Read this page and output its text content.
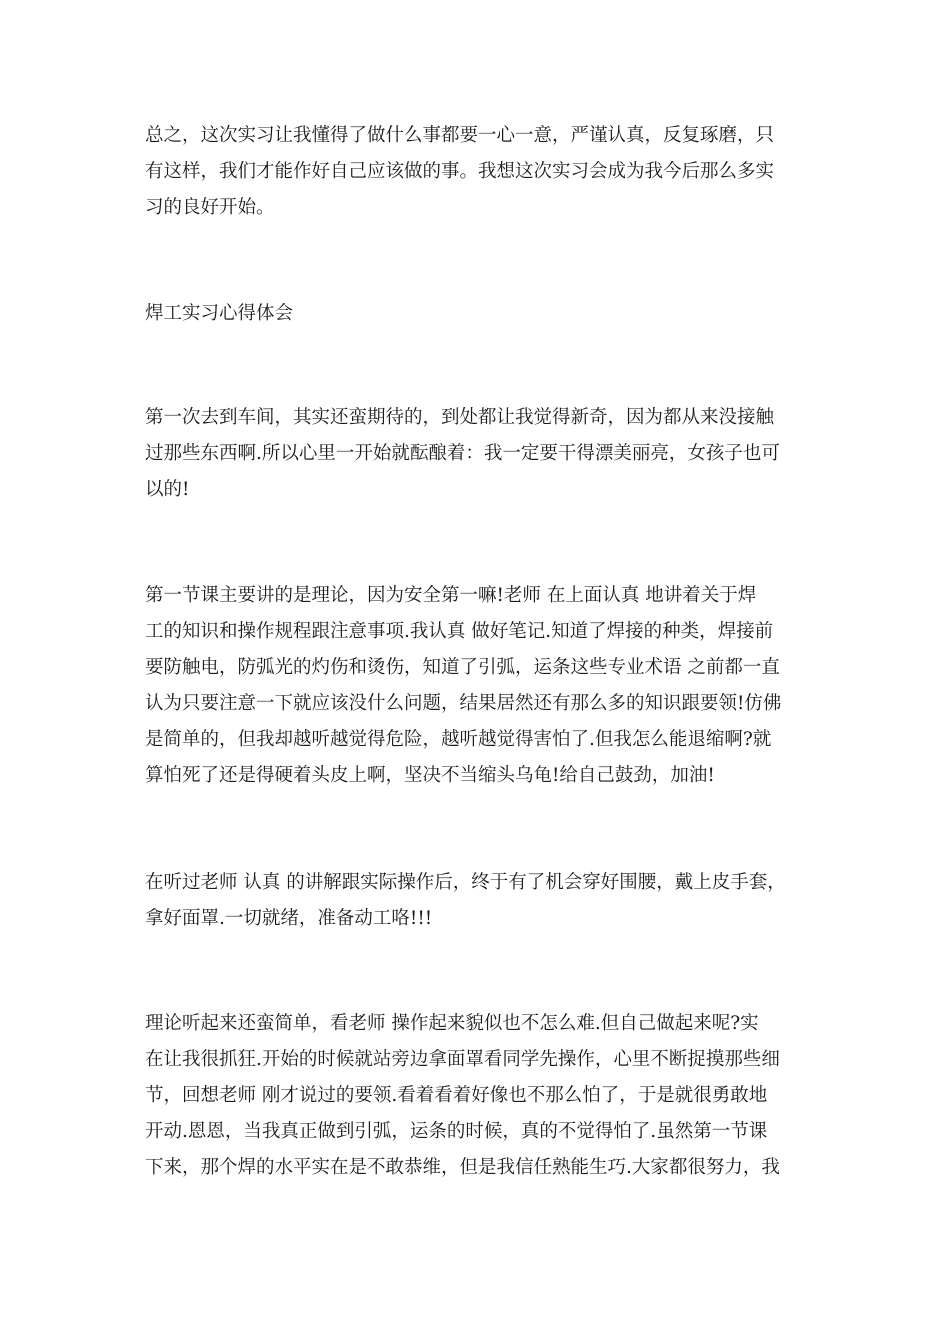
总之，这次实习让我懂得了做什么事都要一心一意，严谨认真，反复琢磨，只
有这样，我们才能作好自己应该做的事。我想这次实习会成为我今后那么多实
习的良好开始。
焊工实习心得体会
第一次去到车间，其实还蛮期待的，到处都让我觉得新奇，因为都从来没接触
过那些东西啊.所以心里一开始就酝酿着：我一定要干得漂美丽亮，女孩子也可
以的!
第一节课主要讲的是理论，因为安全第一嘛!老师 在上面认真 地讲着关于焊
工的知识和操作规程跟注意事项.我认真 做好笔记.知道了焊接的种类，焊接前
要防触电，防弧光的灼伤和烫伤，知道了引弧，运条这些专业术语 之前都一直
认为只要注意一下就应该没什么问题，结果居然还有那么多的知识跟要领!仿佛
是简单的，但我却越听越觉得危险，越听越觉得害怕了.但我怎么能退缩啊?就
算怕死了还是得硬着头皮上啊，坚决不当缩头乌龟!给自己鼓劲，加油!
在听过老师 认真 的讲解跟实际操作后，终于有了机会穿好围腰，戴上皮手套，
拿好面罩.一切就绪，准备动工咯!!!
理论听起来还蛮简单，看老师 操作起来貌似也不怎么难.但自己做起来呢?实
在让我很抓狂.开始的时候就站旁边拿面罩看同学先操作，心里不断捉摸那些细
节，回想老师 刚才说过的要领.看着看着好像也不那么怕了，于是就很勇敢地
开动.恩恩，当我真正做到引弧，运条的时候，真的不觉得怕了.虽然第一节课
下来，那个焊的水平实在是不敢恭维，但是我信任熟能生巧.大家都很努力，我
